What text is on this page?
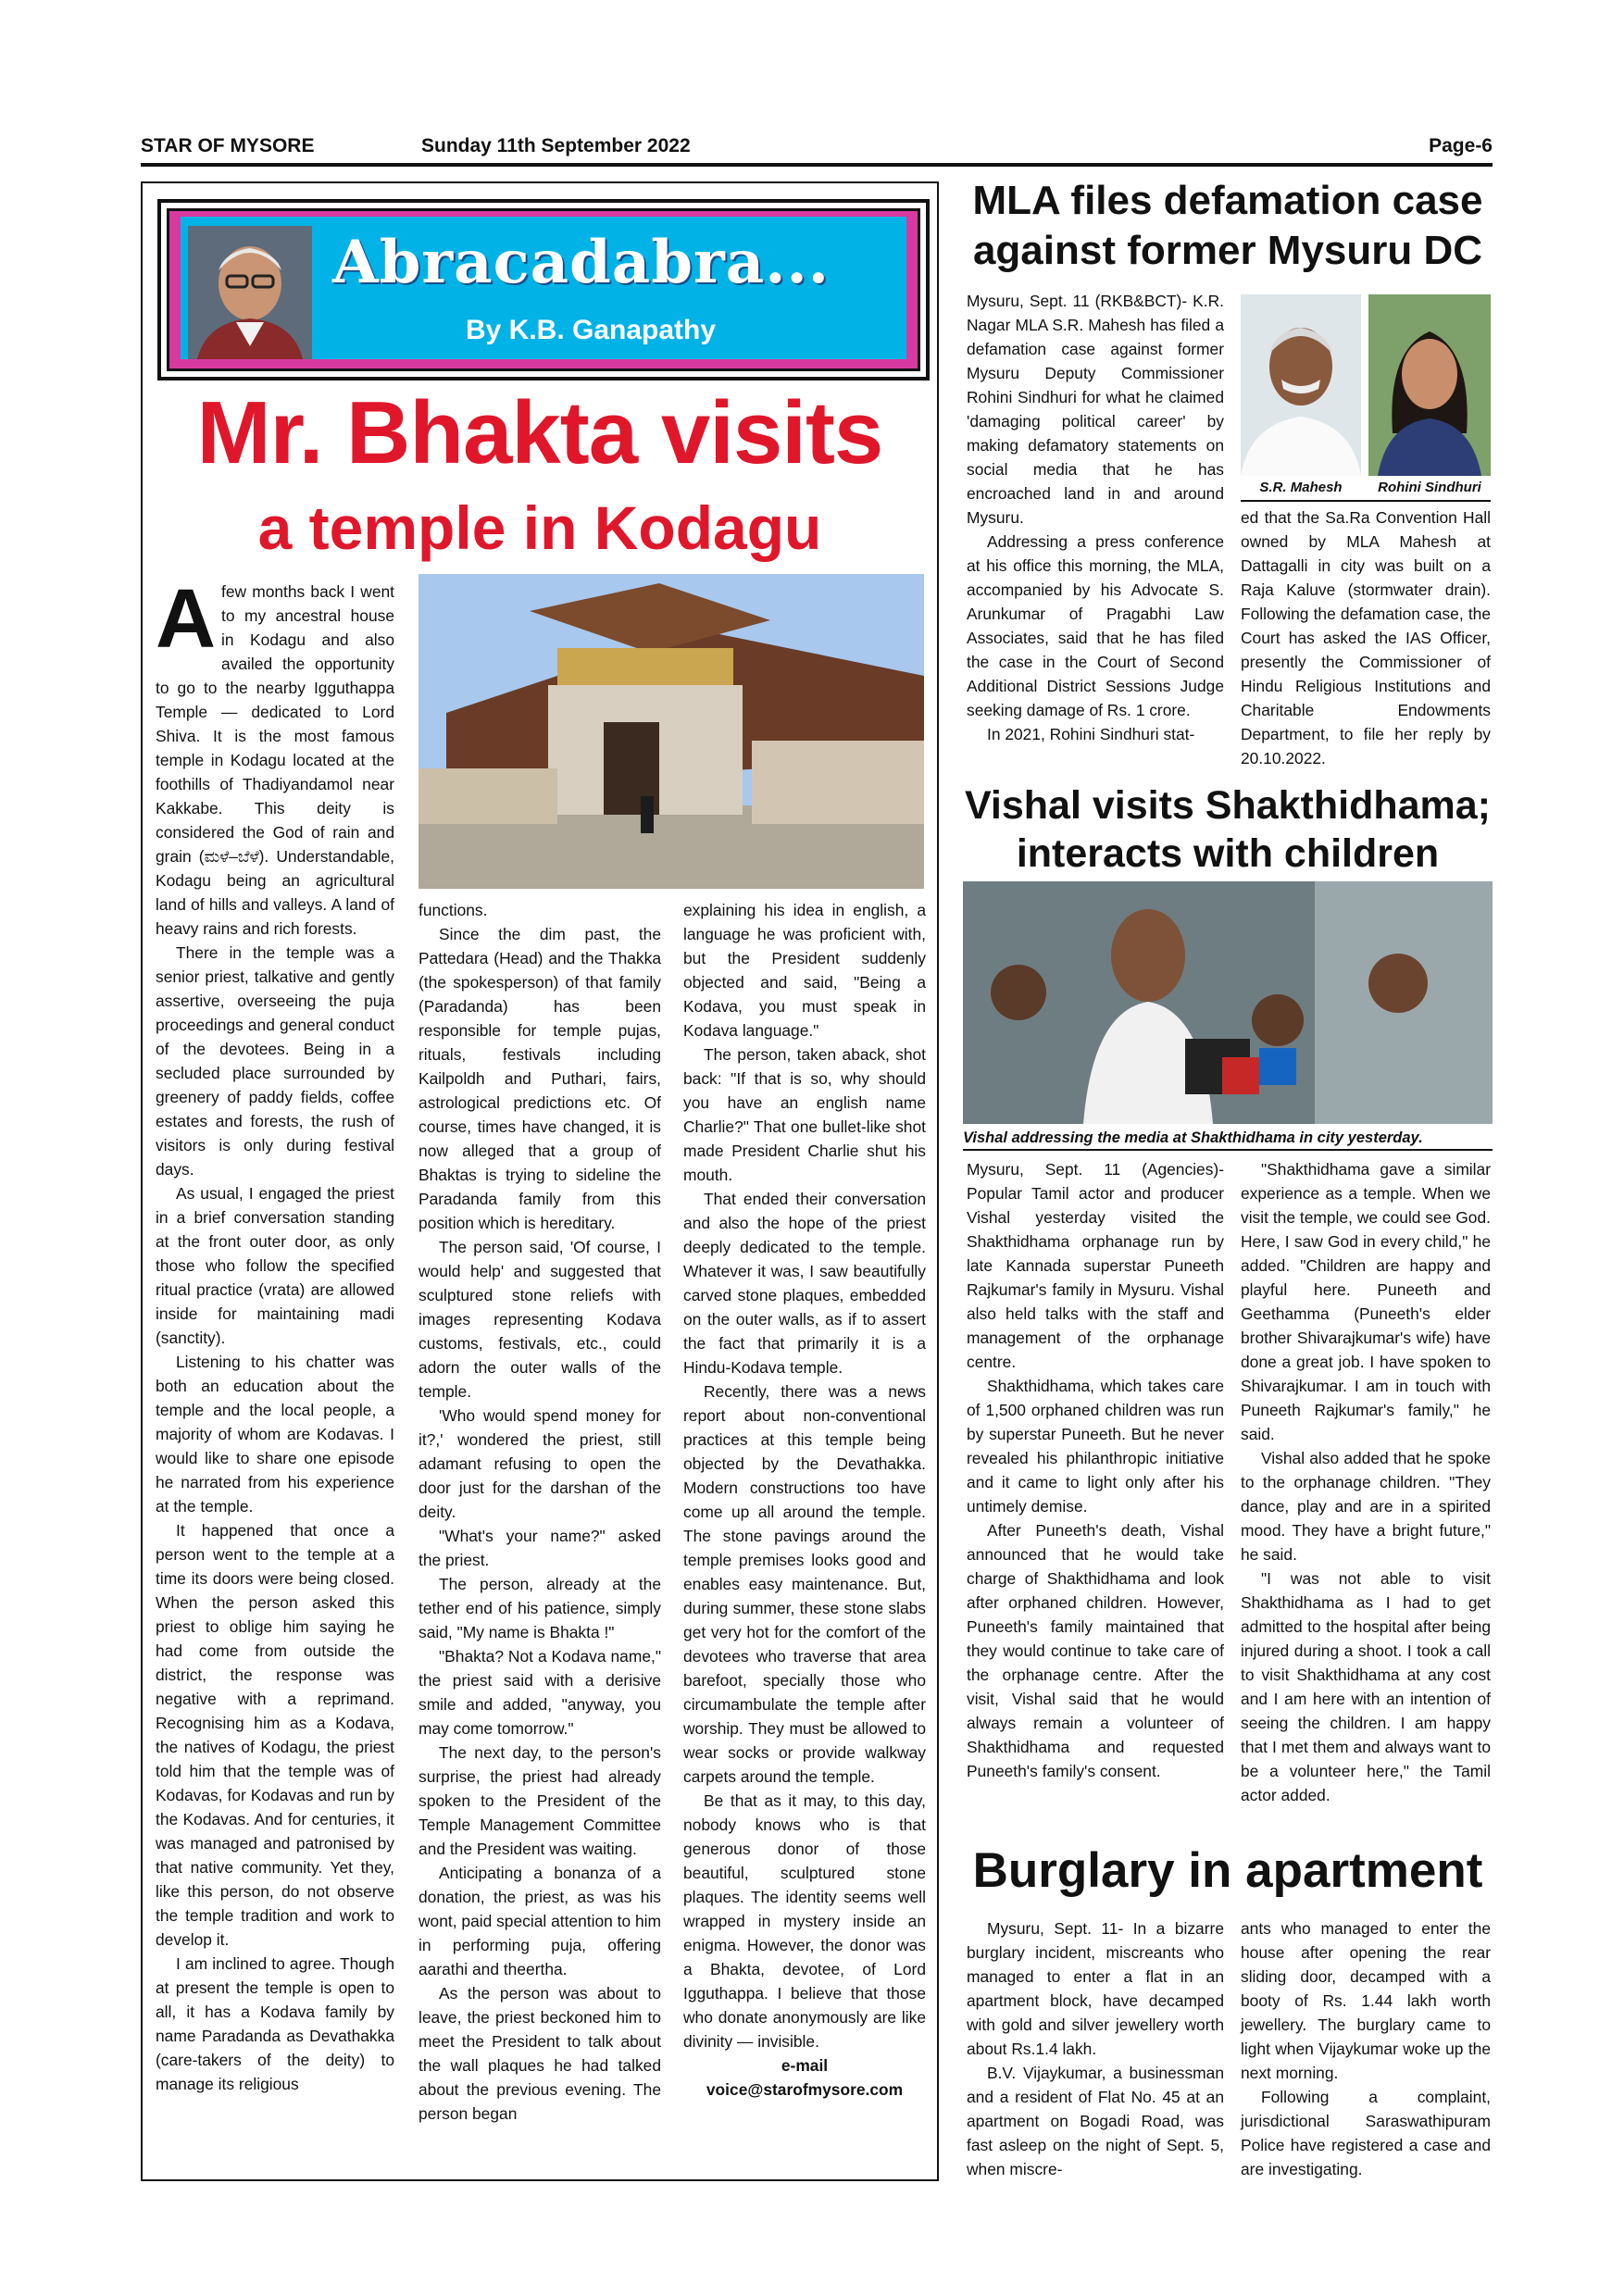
STAR OF MYSORE	Sunday 11th September 2022	Page-6
Abracadabra...
By K.B. Ganapathy
Mr. Bhakta visits
a temple in Kodagu

Afew months back I went to my ancestral house in Kodagu and also availed the opportunity to go to the nearby Igguthappa Temple — dedicated to Lord Shiva. It is the most famous temple in Kodagu located at the foothills of Thadiyandamol near Kakkabe. This deity is considered the God of rain and grain (ಮಳೆ–ಬೆಳೆ). Understandable, Kodagu being an agricultural land of hills and valleys. A land of heavy rains and rich forests.

There in the temple was a senior priest, talkative and gently assertive, overseeing the puja proceedings and general conduct of the devotees. Being in a secluded place surrounded by greenery of paddy fields, coffee estates and forests, the rush of visitors is only during festival days.

As usual, I engaged the priest in a brief conversation standing at the front outer door, as only those who follow the specified ritual practice (vrata) are allowed inside for maintaining madi (sanctity).

Listening to his chatter was both an education about the temple and the local people, a majority of whom are Kodavas. I would like to share one episode he narrated from his experience at the temple.

It happened that once a person went to the temple at a time its doors were being closed. When the person asked this priest to oblige him saying he had come from outside the district, the response was negative with a reprimand. Recognising him as a Kodava, the natives of Kodagu, the priest told him that the temple was of Kodavas, for Kodavas and run by the Kodavas. And for centuries, it was managed and patronised by that native community. Yet they, like this person, do not observe the temple tradition and work to develop it.

I am inclined to agree. Though at present the temple is open to all, it has a Kodava family by name Paradanda as Devathakka (care-takers of the deity) to manage its religious

functions.

Since the dim past, the Pattedara (Head) and the Thakka (the spokesperson) of that family (Paradanda) has been responsible for temple pujas, rituals, festivals including Kailpoldh and Puthari, fairs, astrological predictions etc. Of course, times have changed, it is now alleged that a group of Bhaktas is trying to sideline the Paradanda family from this position which is hereditary.

The person said, 'Of course, I would help' and suggested that sculptured stone reliefs with images representing Kodava customs, festivals, etc., could adorn the outer walls of the temple.

'Who would spend money for it?,' wondered the priest, still adamant refusing to open the door just for the darshan of the deity.

"What's your name?" asked the priest.

The person, already at the tether end of his patience, simply said, "My name is Bhakta !"

"Bhakta? Not a Kodava name," the priest said with a derisive smile and added, "anyway, you may come tomorrow."

The next day, to the person's surprise, the priest had already spoken to the President of the Temple Management Committee and the President was waiting.

Anticipating a bonanza of a donation, the priest, as was his wont, paid special attention to him in performing puja, offering aarathi and theertha.

As the person was about to leave, the priest beckoned him to meet the President to talk about the wall plaques he had talked about the previous evening. The person began

explaining his idea in english, a language he was proficient with, but the President suddenly objected and said, "Being a Kodava, you must speak in Kodava language."

The person, taken aback, shot back: "If that is so, why should you have an english name Charlie?" That one bullet-like shot made President Charlie shut his mouth.

That ended their conversation and also the hope of the priest deeply dedicated to the temple. Whatever it was, I saw beautifully carved stone plaques, embedded on the outer walls, as if to assert the fact that primarily it is a Hindu-Kodava temple.

Recently, there was a news report about non-conventional practices at this temple being objected by the Devathakka. Modern constructions too have come up all around the temple. The stone pavings around the temple premises looks good and enables easy maintenance. But, during summer, these stone slabs get very hot for the comfort of the devotees who traverse that area barefoot, specially those who circumambulate the temple after worship. They must be allowed to wear socks or provide walkway carpets around the temple.

Be that as it may, to this day, nobody knows who is that generous donor of those beautiful, sculptured stone plaques. The identity seems well wrapped in mystery inside an enigma. However, the donor was a Bhakta, devotee, of Lord Igguthappa. I believe that those who donate anonymously are like divinity — invisible.

e-mail

voice@starofmysore.com

MLA files defamation case
against former Mysuru DC

Mysuru, Sept. 11 (RKB&BCT)- K.R. Nagar MLA S.R. Mahesh has filed a defamation case against former Mysuru Deputy Commissioner Rohini Sindhuri for what he claimed 'damaging political career' by making defamatory statements on social media that he has encroached land in and around Mysuru.

Addressing a press conference at his office this morning, the MLA, accompanied by his Advocate S. Arunkumar of Pragabhi Law Associates, said that he has filed the case in the Court of Second Additional District Sessions Judge seeking damage of Rs. 1 crore.

In 2021, Rohini Sindhuri stat-

S.R. Mahesh	Rohini Sindhuri

ed that the Sa.Ra Convention Hall owned by MLA Mahesh at Dattagalli in city was built on a Raja Kaluve (stormwater drain). Following the defamation case, the Court has asked the IAS Officer, presently the Commissioner of Hindu Religious Institutions and Charitable Endowments Department, to file her reply by 20.10.2022.

Vishal visits Shakthidhama;
interacts with children
Vishal addressing the media at Shakthidhama in city yesterday.

Mysuru, Sept. 11 (Agencies)- Popular Tamil actor and producer Vishal yesterday visited the Shakthidhama orphanage run by late Kannada superstar Puneeth Rajkumar's family in Mysuru. Vishal also held talks with the staff and management of the orphanage centre.

Shakthidhama, which takes care of 1,500 orphaned children was run by superstar Puneeth. But he never revealed his philanthropic initiative and it came to light only after his untimely demise.

After Puneeth's death, Vishal announced that he would take charge of Shakthidhama and look after orphaned children. However, Puneeth's family maintained that they would continue to take care of the orphanage centre. After the visit, Vishal said that he would always remain a volunteer of Shakthidhama and requested Puneeth's family's consent.

"Shakthidhama gave a similar experience as a temple. When we visit the temple, we could see God. Here, I saw God in every child," he added. "Children are happy and playful here. Puneeth and Geethamma (Puneeth's elder brother Shivarajkumar's wife) have done a great job. I have spoken to Shivarajkumar. I am in touch with Puneeth Rajkumar's family," he said.

Vishal also added that he spoke to the orphanage children. "They dance, play and are in a spirited mood. They have a bright future," he said.

"I was not able to visit Shakthidhama as I had to get admitted to the hospital after being injured during a shoot. I took a call to visit Shakthidhama at any cost and I am here with an intention of seeing the children. I am happy that I met them and always want to be a volunteer here," the Tamil actor added.

Burglary in apartment

Mysuru, Sept. 11- In a bizarre burglary incident, miscreants who managed to enter a flat in an apartment block, have decamped with gold and silver jewellery worth about Rs.1.4 lakh.

B.V. Vijaykumar, a businessman and a resident of Flat No. 45 at an apartment on Bogadi Road, was fast asleep on the night of Sept. 5, when miscre-

ants who managed to enter the house after opening the rear sliding door, decamped with a booty of Rs. 1.44 lakh worth jewellery. The burglary came to light when Vijaykumar woke up the next morning.

Following a complaint, jurisdictional Saraswathipuram Police have registered a case and are investigating.
